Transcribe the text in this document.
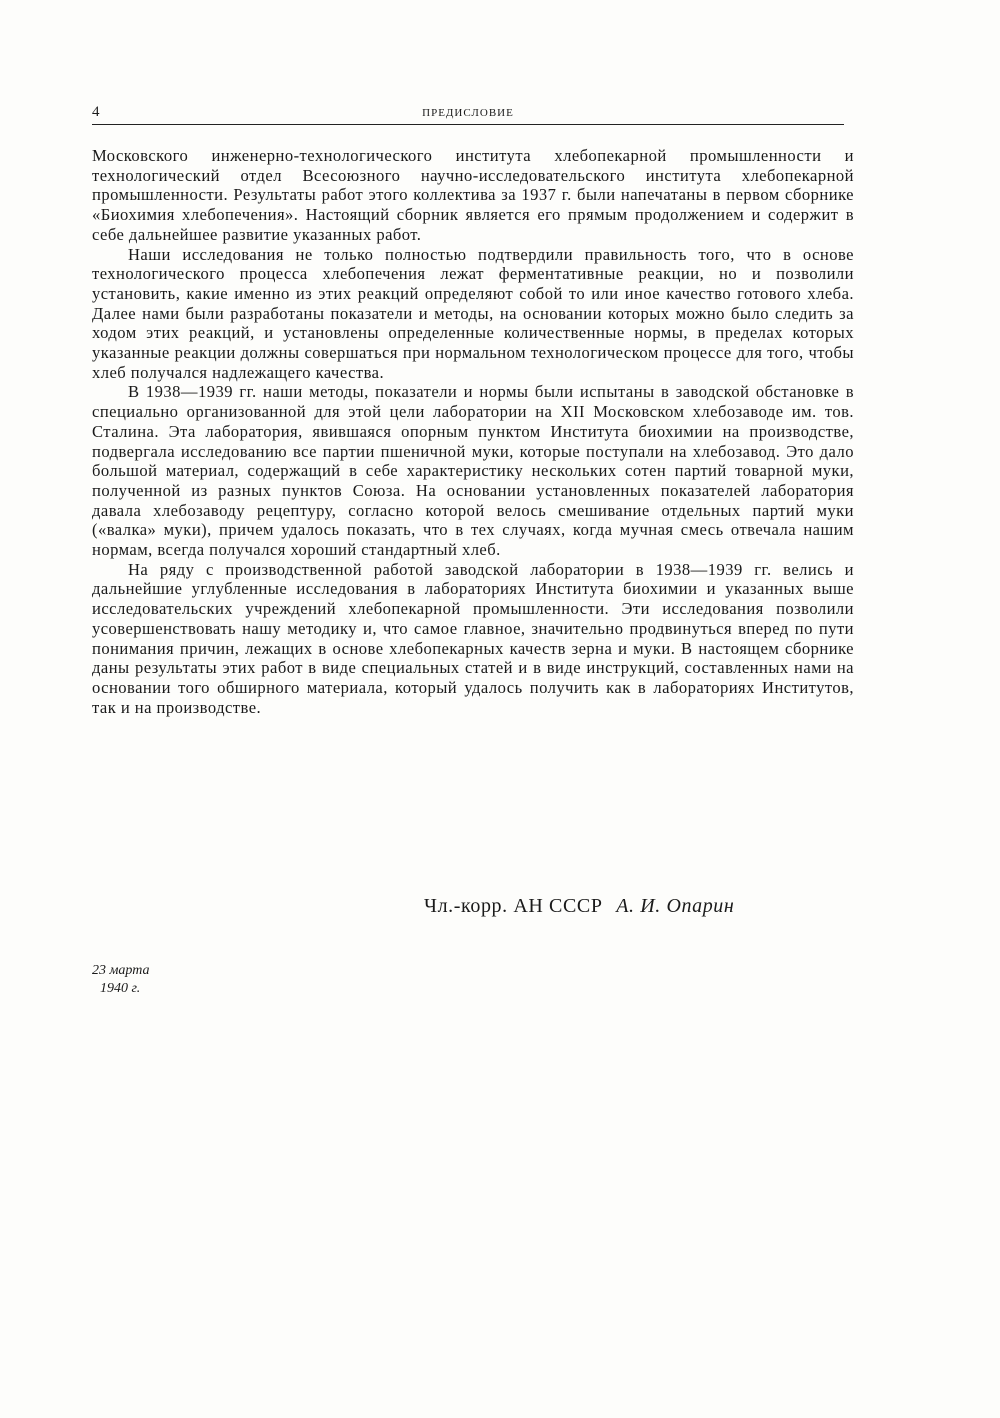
4	ПРЕДИСЛОВИЕ

Московского инженерно-технологического института хлебопекарной промышленности и технологический отдел Всесоюзного научно-исследовательского института хлебопекарной промышленности. Результаты работ этого коллектива за 1937 г. были напечатаны в первом сборнике «Биохимия хлебопечения». Настоящий сборник является его прямым продолжением и содержит в себе дальнейшее развитие указанных работ.

Наши исследования не только полностью подтвердили правильность того, что в основе технологического процесса хлебопечения лежат ферментативные реакции, но и позволили установить, какие именно из этих реакций определяют собой то или иное качество готового хлеба. Далее нами были разработаны показатели и методы, на основании которых можно было следить за ходом этих реакций, и установлены определенные количественные нормы, в пределах которых указанные реакции должны совершаться при нормальном технологическом процессе для того, чтобы хлеб получался надлежащего качества.

В 1938—1939 гг. наши методы, показатели и нормы были испытаны в заводской обстановке в специально организованной для этой цели лаборатории на XII Московском хлебозаводе им. тов. Сталина. Эта лаборатория, явившаяся опорным пунктом Института биохимии на производстве, подвергала исследованию все партии пшеничной муки, которые поступали на хлебозавод. Это дало большой материал, содержащий в себе характеристику нескольких сотен партий товарной муки, полученной из разных пунктов Союза. На основании установленных показателей лаборатория давала хлебозаводу рецептуру, согласно которой велось смешивание отдельных партий муки («валка» муки), причем удалось показать, что в тех случаях, когда мучная смесь отвечала нашим нормам, всегда получался хороший стандартный хлеб.

На ряду с производственной работой заводской лаборатории в 1938—1939 гг. велись и дальнейшие углубленные исследования в лабораториях Института биохимии и указанных выше исследовательских учреждений хлебопекарной промышленности. Эти исследования позволили усовершенствовать нашу методику и, что самое главное, значительно продвинуться вперед по пути понимания причин, лежащих в основе хлебопекарных качеств зерна и муки. В настоящем сборнике даны результаты этих работ в виде специальных статей и в виде инструкций, составленных нами на основании того обширного материала, который удалось получить как в лабораториях Институтов, так и на производстве.

Чл.-корр. АН СССР А. И. Опарин
23 марта
1940 г.
